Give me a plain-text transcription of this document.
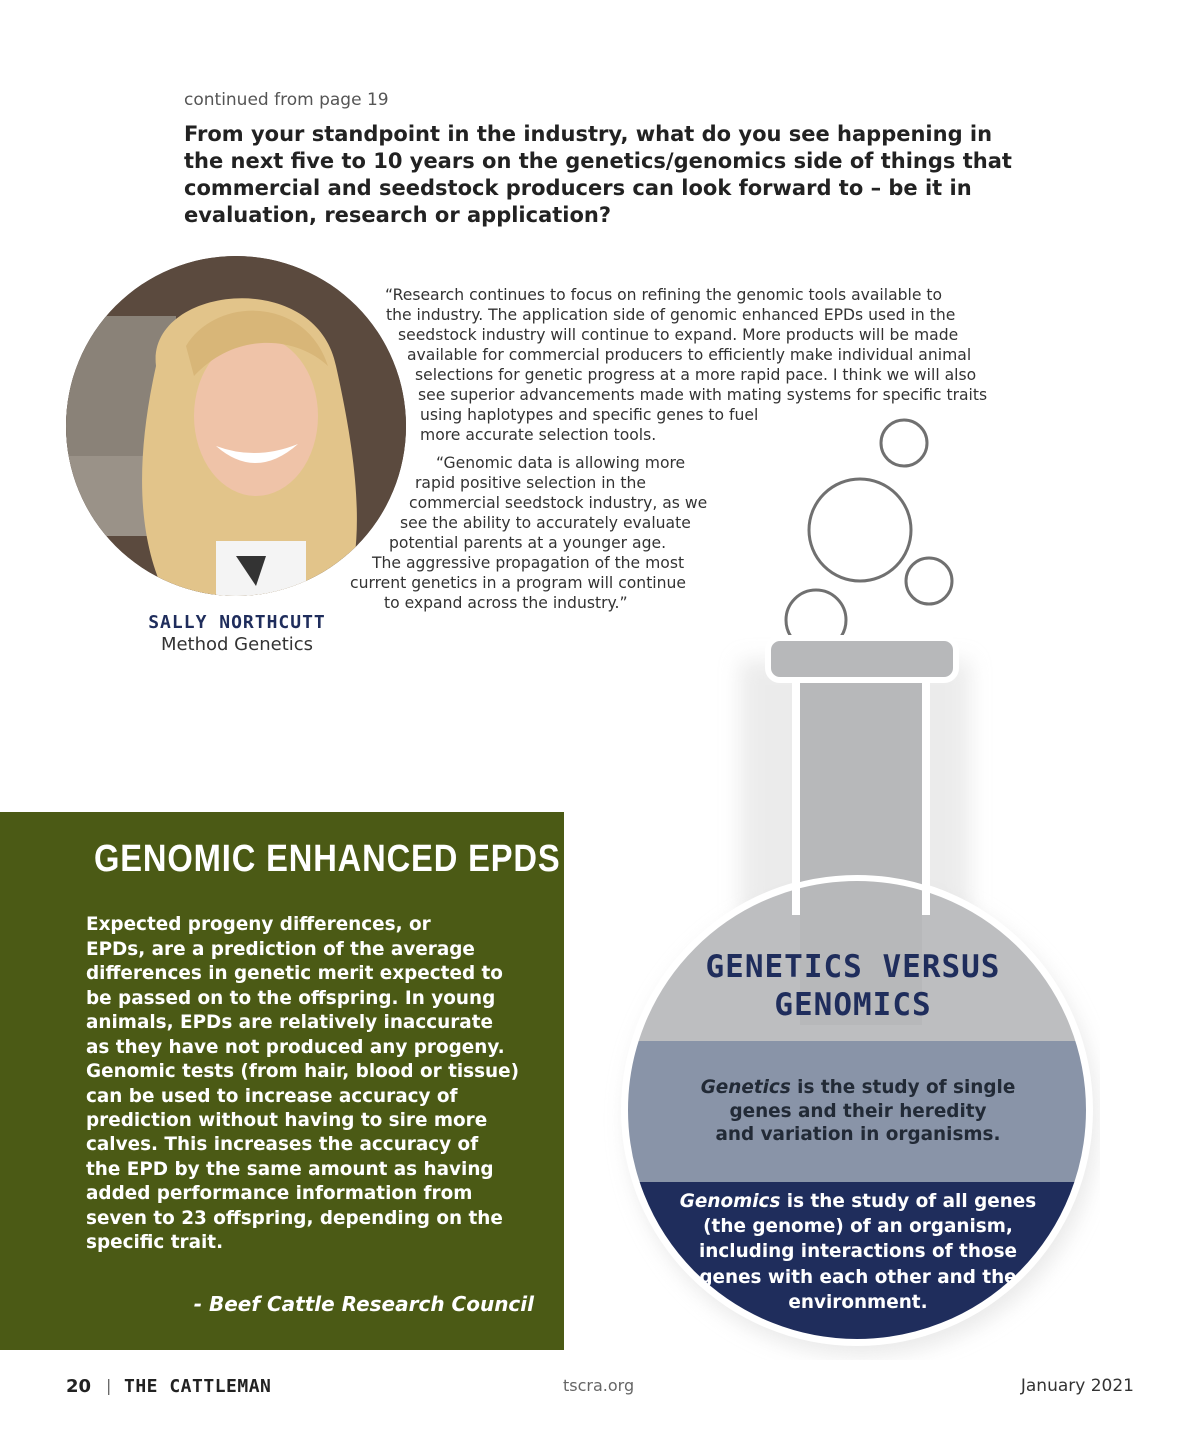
continued from page 19
From your standpoint in the industry, what do you see happening in
the next five to 10 years on the genetics/genomics side of things that
commercial and seedstock producers can look forward to – be it in
evaluation, research or application?
SALLY NORTHCUTT
Method Genetics
“Research continues to focus on refining the genomic tools available to
the industry. The application side of genomic enhanced EPDs used in the
seedstock industry will continue to expand. More products will be made
available for commercial producers to efficiently make individual animal
selections for genetic progress at a more rapid pace. I think we will also
see superior advancements made with mating systems for specific traits
using haplotypes and specific genes to fuel
more accurate selection tools.
“Genomic data is allowing more
rapid positive selection in the
commercial seedstock industry, as we
see the ability to accurately evaluate
potential parents at a younger age.
The aggressive propagation of the most
current genetics in a program will continue
to expand across the industry.”
GENETICS VERSUS
GENOMICS
Genetics is the study of single
genes and their heredity
and variation in organisms.
Genomics is the study of all genes
(the genome) of an organism,
including interactions of those
genes with each other and the
environment.
GENOMIC ENHANCED EPDS
Expected progeny differences, or
EPDs, are a prediction of the average
differences in genetic merit expected to
be passed on to the offspring. In young
animals, EPDs are relatively inaccurate
as they have not produced any progeny.
Genomic tests (from hair, blood or tissue)
can be used to increase accuracy of
prediction without having to sire more
calves. This increases the accuracy of
the EPD by the same amount as having
added performance information from
seven to 23 offspring, depending on the
specific trait.
- Beef Cattle Research Council
20 | THE CATTLEMAN	tscra.org	January 2021
